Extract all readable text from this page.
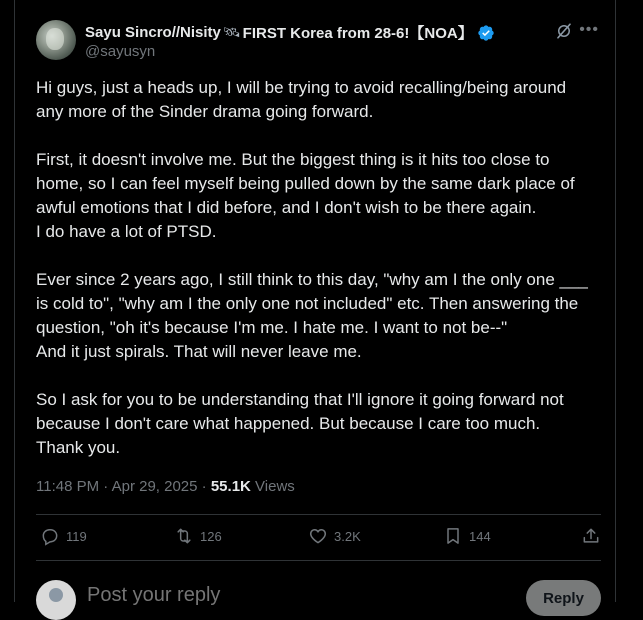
Sayu Sincro//Nisity 🛰 FIRST Korea from 28-6!【NOA】
@sayusyn
•••

Hi guys, just a heads up, I will be trying to avoid recalling/being around any more of the Sinder drama going forward.

First, it doesn't involve me. But the biggest thing is it hits too close to home, so I can feel myself being pulled down by the same dark place of awful emotions that I did before, and I don't wish to be there again.
I do have a lot of PTSD.

Ever since 2 years ago, I still think to this day, "why am I the only one ___ is cold to", "why am I the only one not included" etc. Then answering the question, "oh it's because I'm me. I hate me. I want to not be--"
And it just spirals. That will never leave me.

So I ask for you to be understanding that I'll ignore it going forward not because I don't care what happened. But because I care too much.
Thank you.

11:48 PM · Apr 29, 2025 · 55.1K Views
119	126	3.2K	144
Post your reply
Reply
